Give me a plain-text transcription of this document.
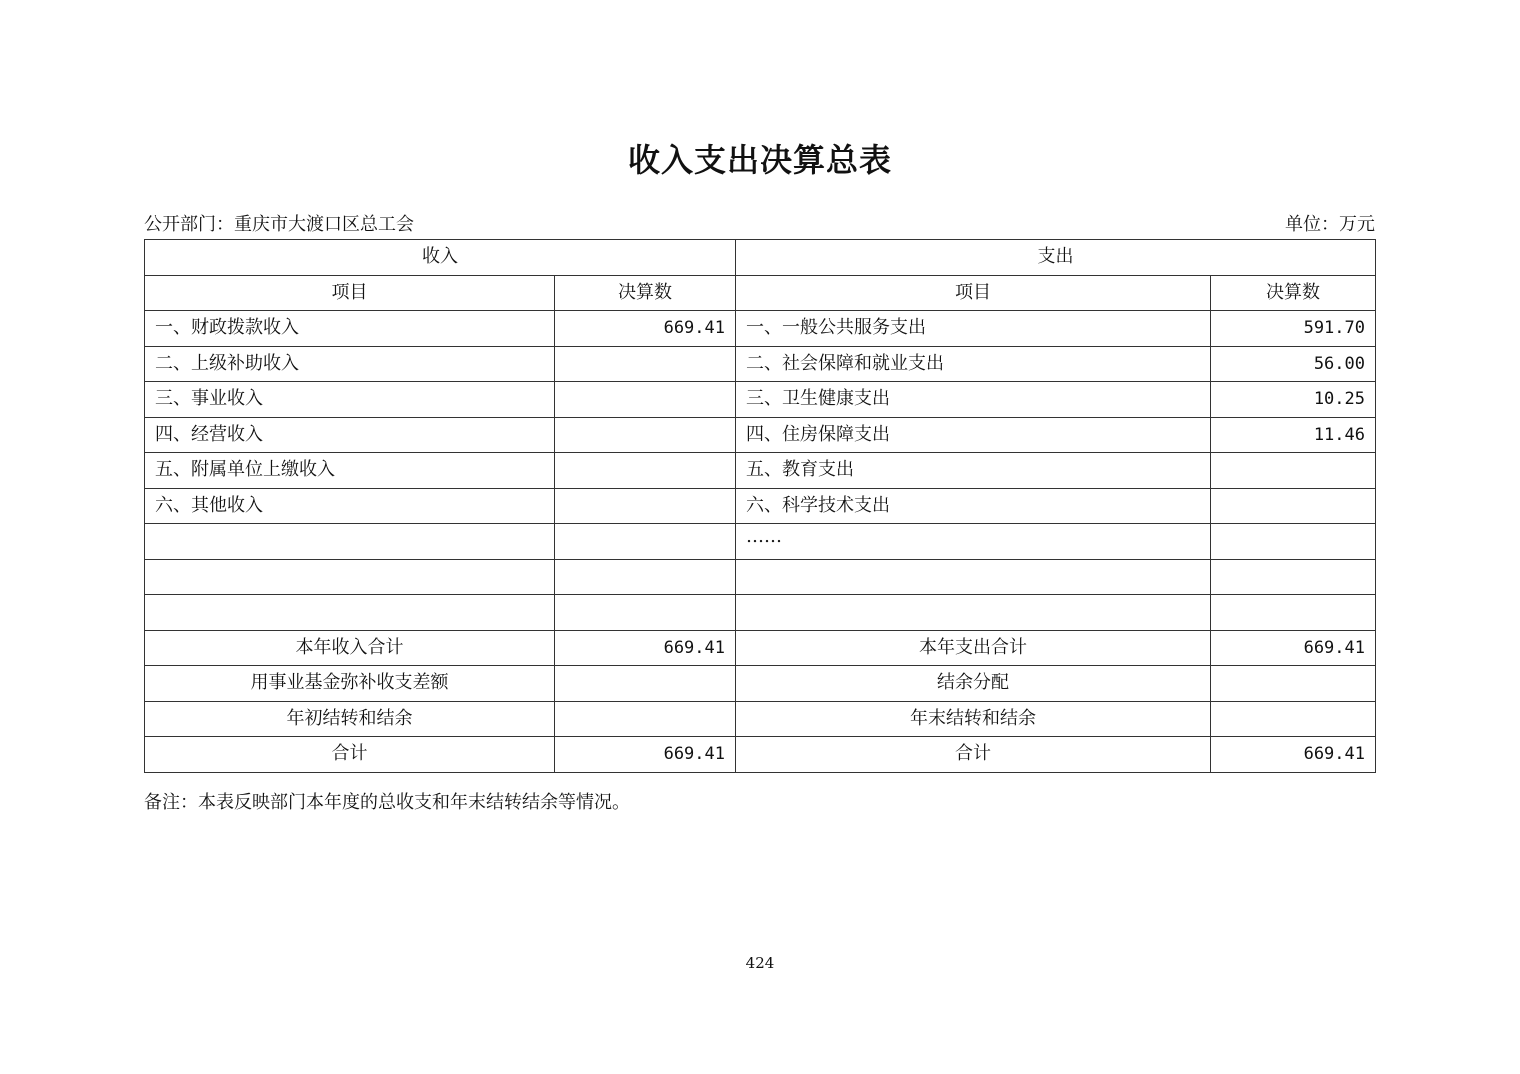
收入支出决算总表
公开部门：重庆市大渡口区总工会	单位：万元
收入		支出	
项目	决算数	项目	决算数
一、财政拨款收入	669.41	一、一般公共服务支出	591.70
二、上级补助收入		二、社会保障和就业支出	56.00
三、事业收入		三、卫生健康支出	10.25
四、经营收入		四、住房保障支出	11.46
五、附属单位上缴收入		五、教育支出	
六、其他收入		六、科学技术支出	
		……	

本年收入合计	669.41	本年支出合计	669.41
用事业基金弥补收支差额		结余分配	
年初结转和结余		年末结转和结余	
合计	669.41	合计	669.41
备注：本表反映部门本年度的总收支和年末结转结余等情况。
424
